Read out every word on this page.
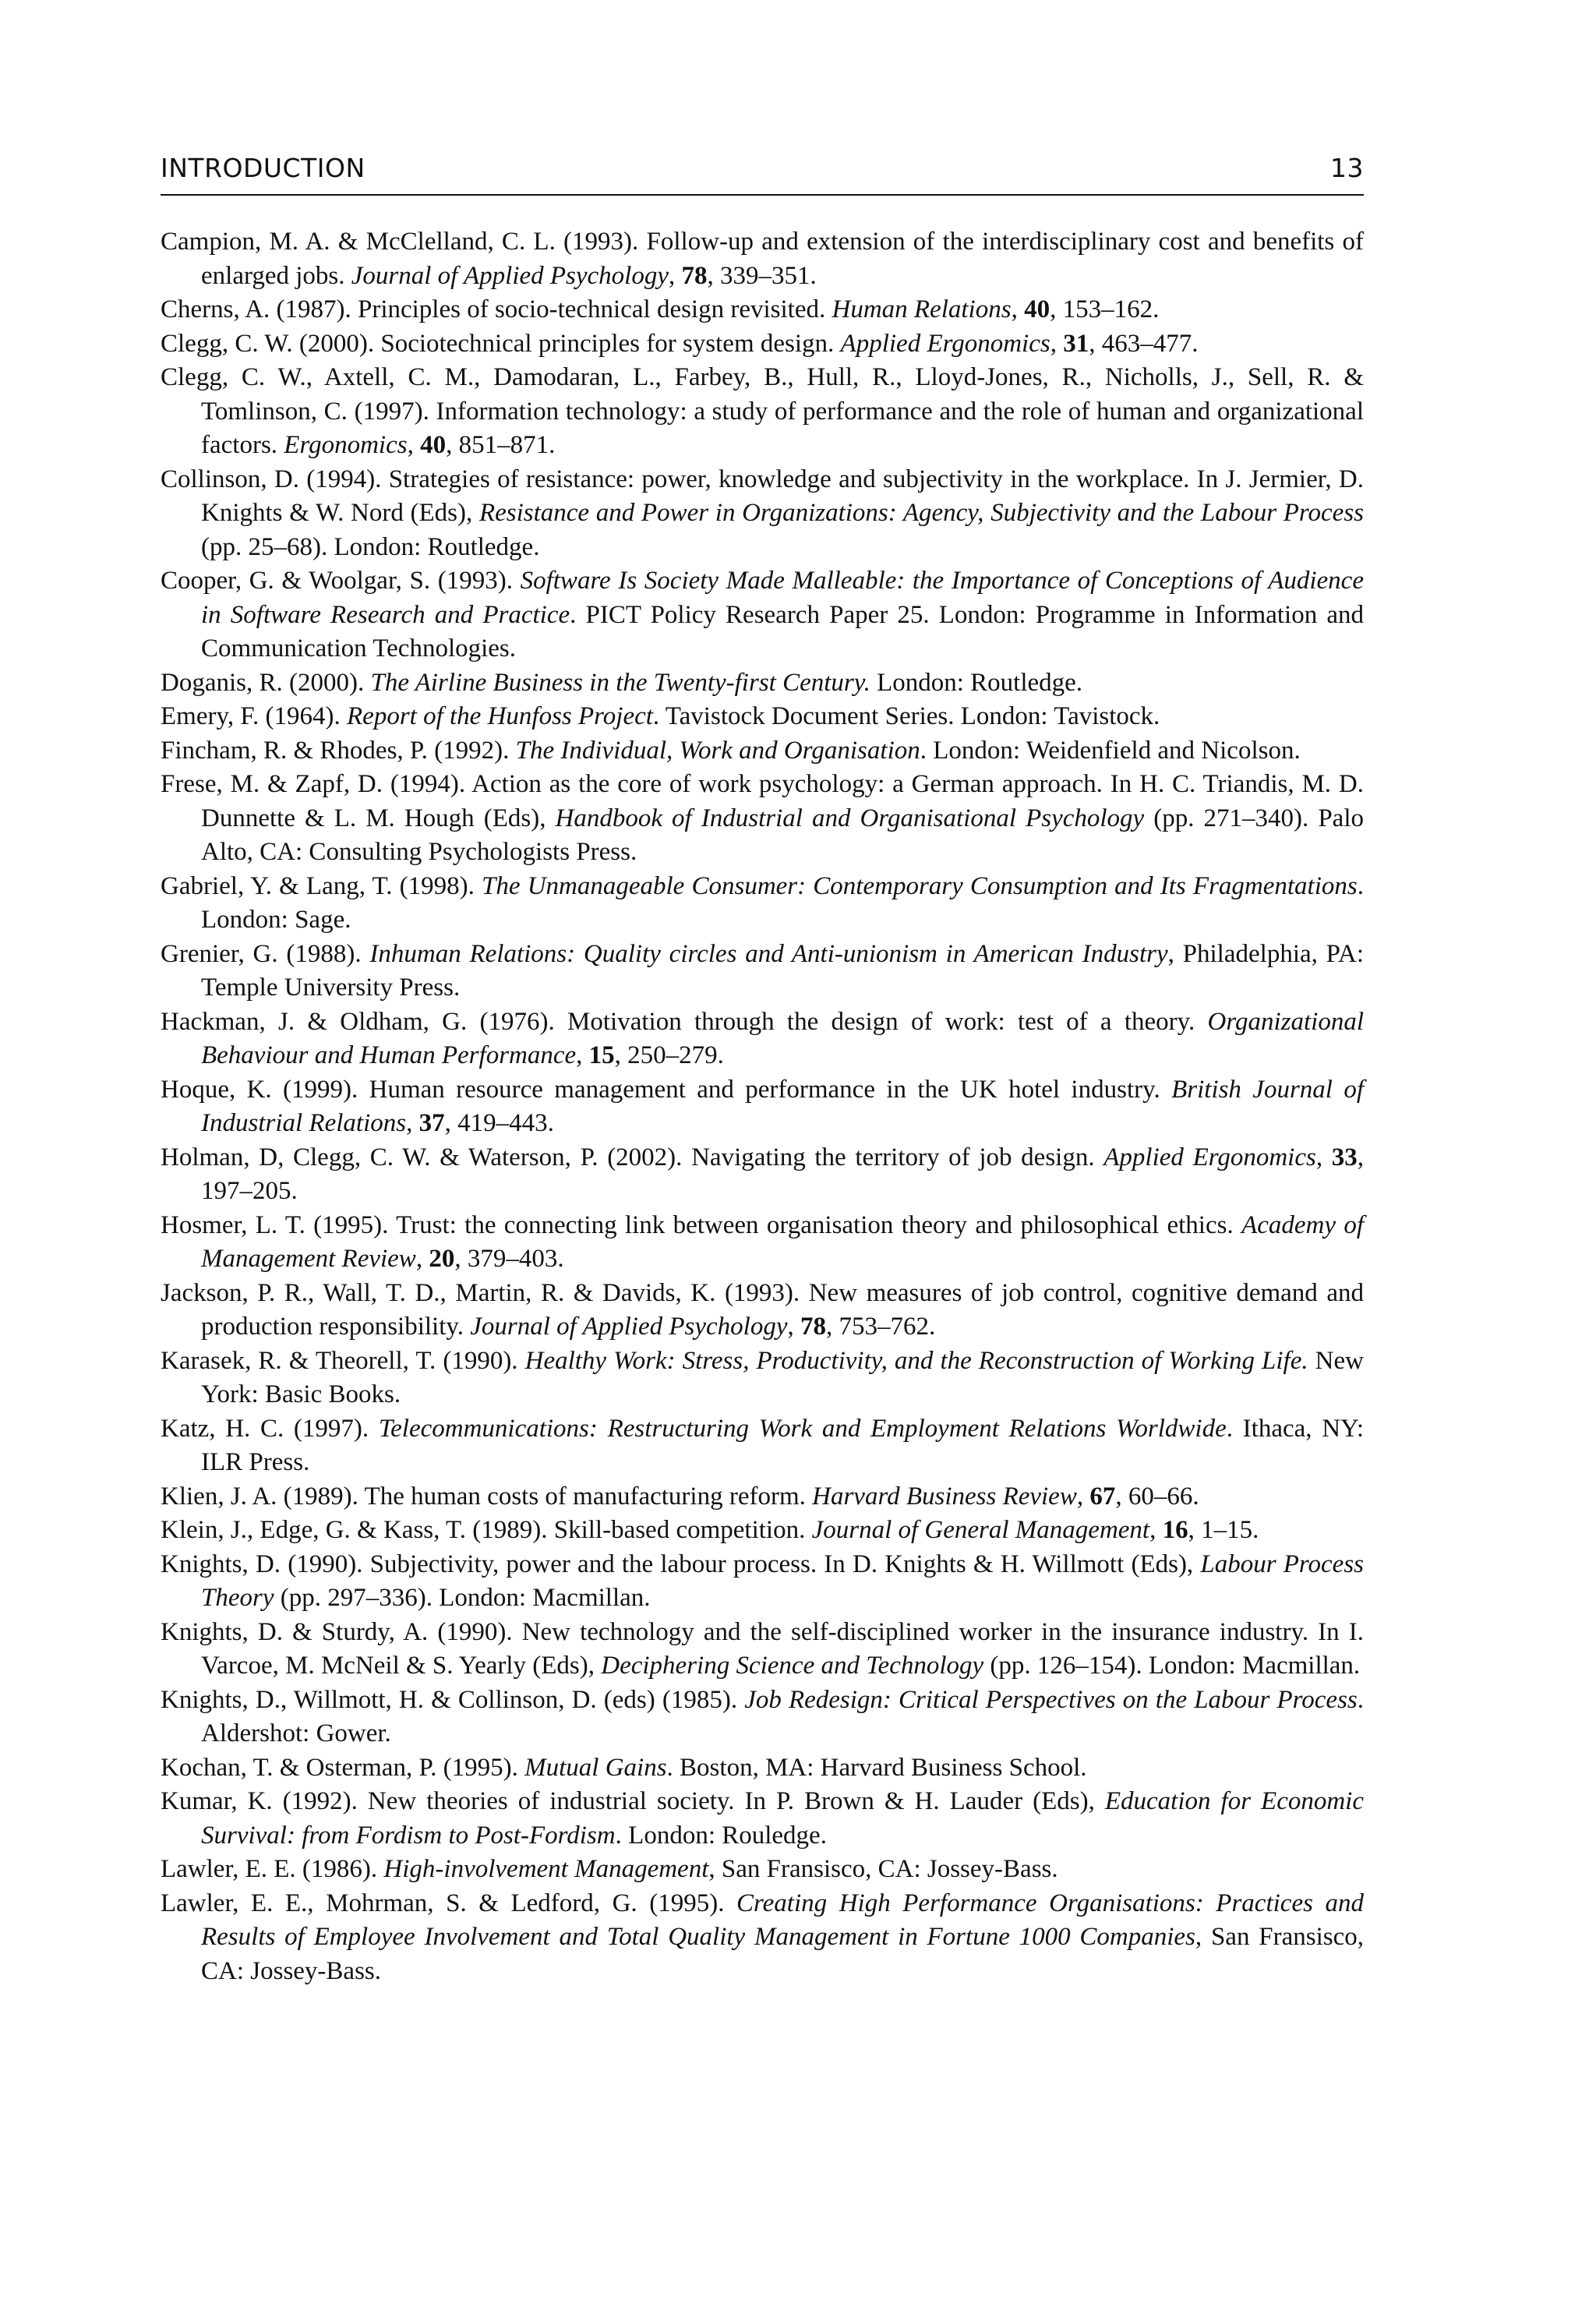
INTRODUCTION	13
Campion, M. A. & McClelland, C. L. (1993). Follow-up and extension of the interdisciplinary cost and benefits of enlarged jobs. Journal of Applied Psychology, 78, 339–351.
Cherns, A. (1987). Principles of socio-technical design revisited. Human Relations, 40, 153–162.
Clegg, C. W. (2000). Sociotechnical principles for system design. Applied Ergonomics, 31, 463–477.
Clegg, C. W., Axtell, C. M., Damodaran, L., Farbey, B., Hull, R., Lloyd-Jones, R., Nicholls, J., Sell, R. & Tomlinson, C. (1997). Information technology: a study of performance and the role of human and organizational factors. Ergonomics, 40, 851–871.
Collinson, D. (1994). Strategies of resistance: power, knowledge and subjectivity in the workplace. In J. Jermier, D. Knights & W. Nord (Eds), Resistance and Power in Organizations: Agency, Subjectivity and the Labour Process (pp. 25–68). London: Routledge.
Cooper, G. & Woolgar, S. (1993). Software Is Society Made Malleable: the Importance of Conceptions of Audience in Software Research and Practice. PICT Policy Research Paper 25. London: Programme in Information and Communication Technologies.
Doganis, R. (2000). The Airline Business in the Twenty-first Century. London: Routledge.
Emery, F. (1964). Report of the Hunfoss Project. Tavistock Document Series. London: Tavistock.
Fincham, R. & Rhodes, P. (1992). The Individual, Work and Organisation. London: Weidenfield and Nicolson.
Frese, M. & Zapf, D. (1994). Action as the core of work psychology: a German approach. In H. C. Triandis, M. D. Dunnette & L. M. Hough (Eds), Handbook of Industrial and Organisational Psychology (pp. 271–340). Palo Alto, CA: Consulting Psychologists Press.
Gabriel, Y. & Lang, T. (1998). The Unmanageable Consumer: Contemporary Consumption and Its Fragmentations. London: Sage.
Grenier, G. (1988). Inhuman Relations: Quality circles and Anti-unionism in American Industry, Philadelphia, PA: Temple University Press.
Hackman, J. & Oldham, G. (1976). Motivation through the design of work: test of a theory. Organizational Behaviour and Human Performance, 15, 250–279.
Hoque, K. (1999). Human resource management and performance in the UK hotel industry. British Journal of Industrial Relations, 37, 419–443.
Holman, D, Clegg, C. W. & Waterson, P. (2002). Navigating the territory of job design. Applied Ergonomics, 33, 197–205.
Hosmer, L. T. (1995). Trust: the connecting link between organisation theory and philosophical ethics. Academy of Management Review, 20, 379–403.
Jackson, P. R., Wall, T. D., Martin, R. & Davids, K. (1993). New measures of job control, cognitive demand and production responsibility. Journal of Applied Psychology, 78, 753–762.
Karasek, R. & Theorell, T. (1990). Healthy Work: Stress, Productivity, and the Reconstruction of Working Life. New York: Basic Books.
Katz, H. C. (1997). Telecommunications: Restructuring Work and Employment Relations Worldwide. Ithaca, NY: ILR Press.
Klien, J. A. (1989). The human costs of manufacturing reform. Harvard Business Review, 67, 60–66.
Klein, J., Edge, G. & Kass, T. (1989). Skill-based competition. Journal of General Management, 16, 1–15.
Knights, D. (1990). Subjectivity, power and the labour process. In D. Knights & H. Willmott (Eds), Labour Process Theory (pp. 297–336). London: Macmillan.
Knights, D. & Sturdy, A. (1990). New technology and the self-disciplined worker in the insurance industry. In I. Varcoe, M. McNeil & S. Yearly (Eds), Deciphering Science and Technology (pp. 126–154). London: Macmillan.
Knights, D., Willmott, H. & Collinson, D. (eds) (1985). Job Redesign: Critical Perspectives on the Labour Process. Aldershot: Gower.
Kochan, T. & Osterman, P. (1995). Mutual Gains. Boston, MA: Harvard Business School.
Kumar, K. (1992). New theories of industrial society. In P. Brown & H. Lauder (Eds), Education for Economic Survival: from Fordism to Post-Fordism. London: Rouledge.
Lawler, E. E. (1986). High-involvement Management, San Fransisco, CA: Jossey-Bass.
Lawler, E. E., Mohrman, S. & Ledford, G. (1995). Creating High Performance Organisations: Practices and Results of Employee Involvement and Total Quality Management in Fortune 1000 Companies, San Fransisco, CA: Jossey-Bass.
